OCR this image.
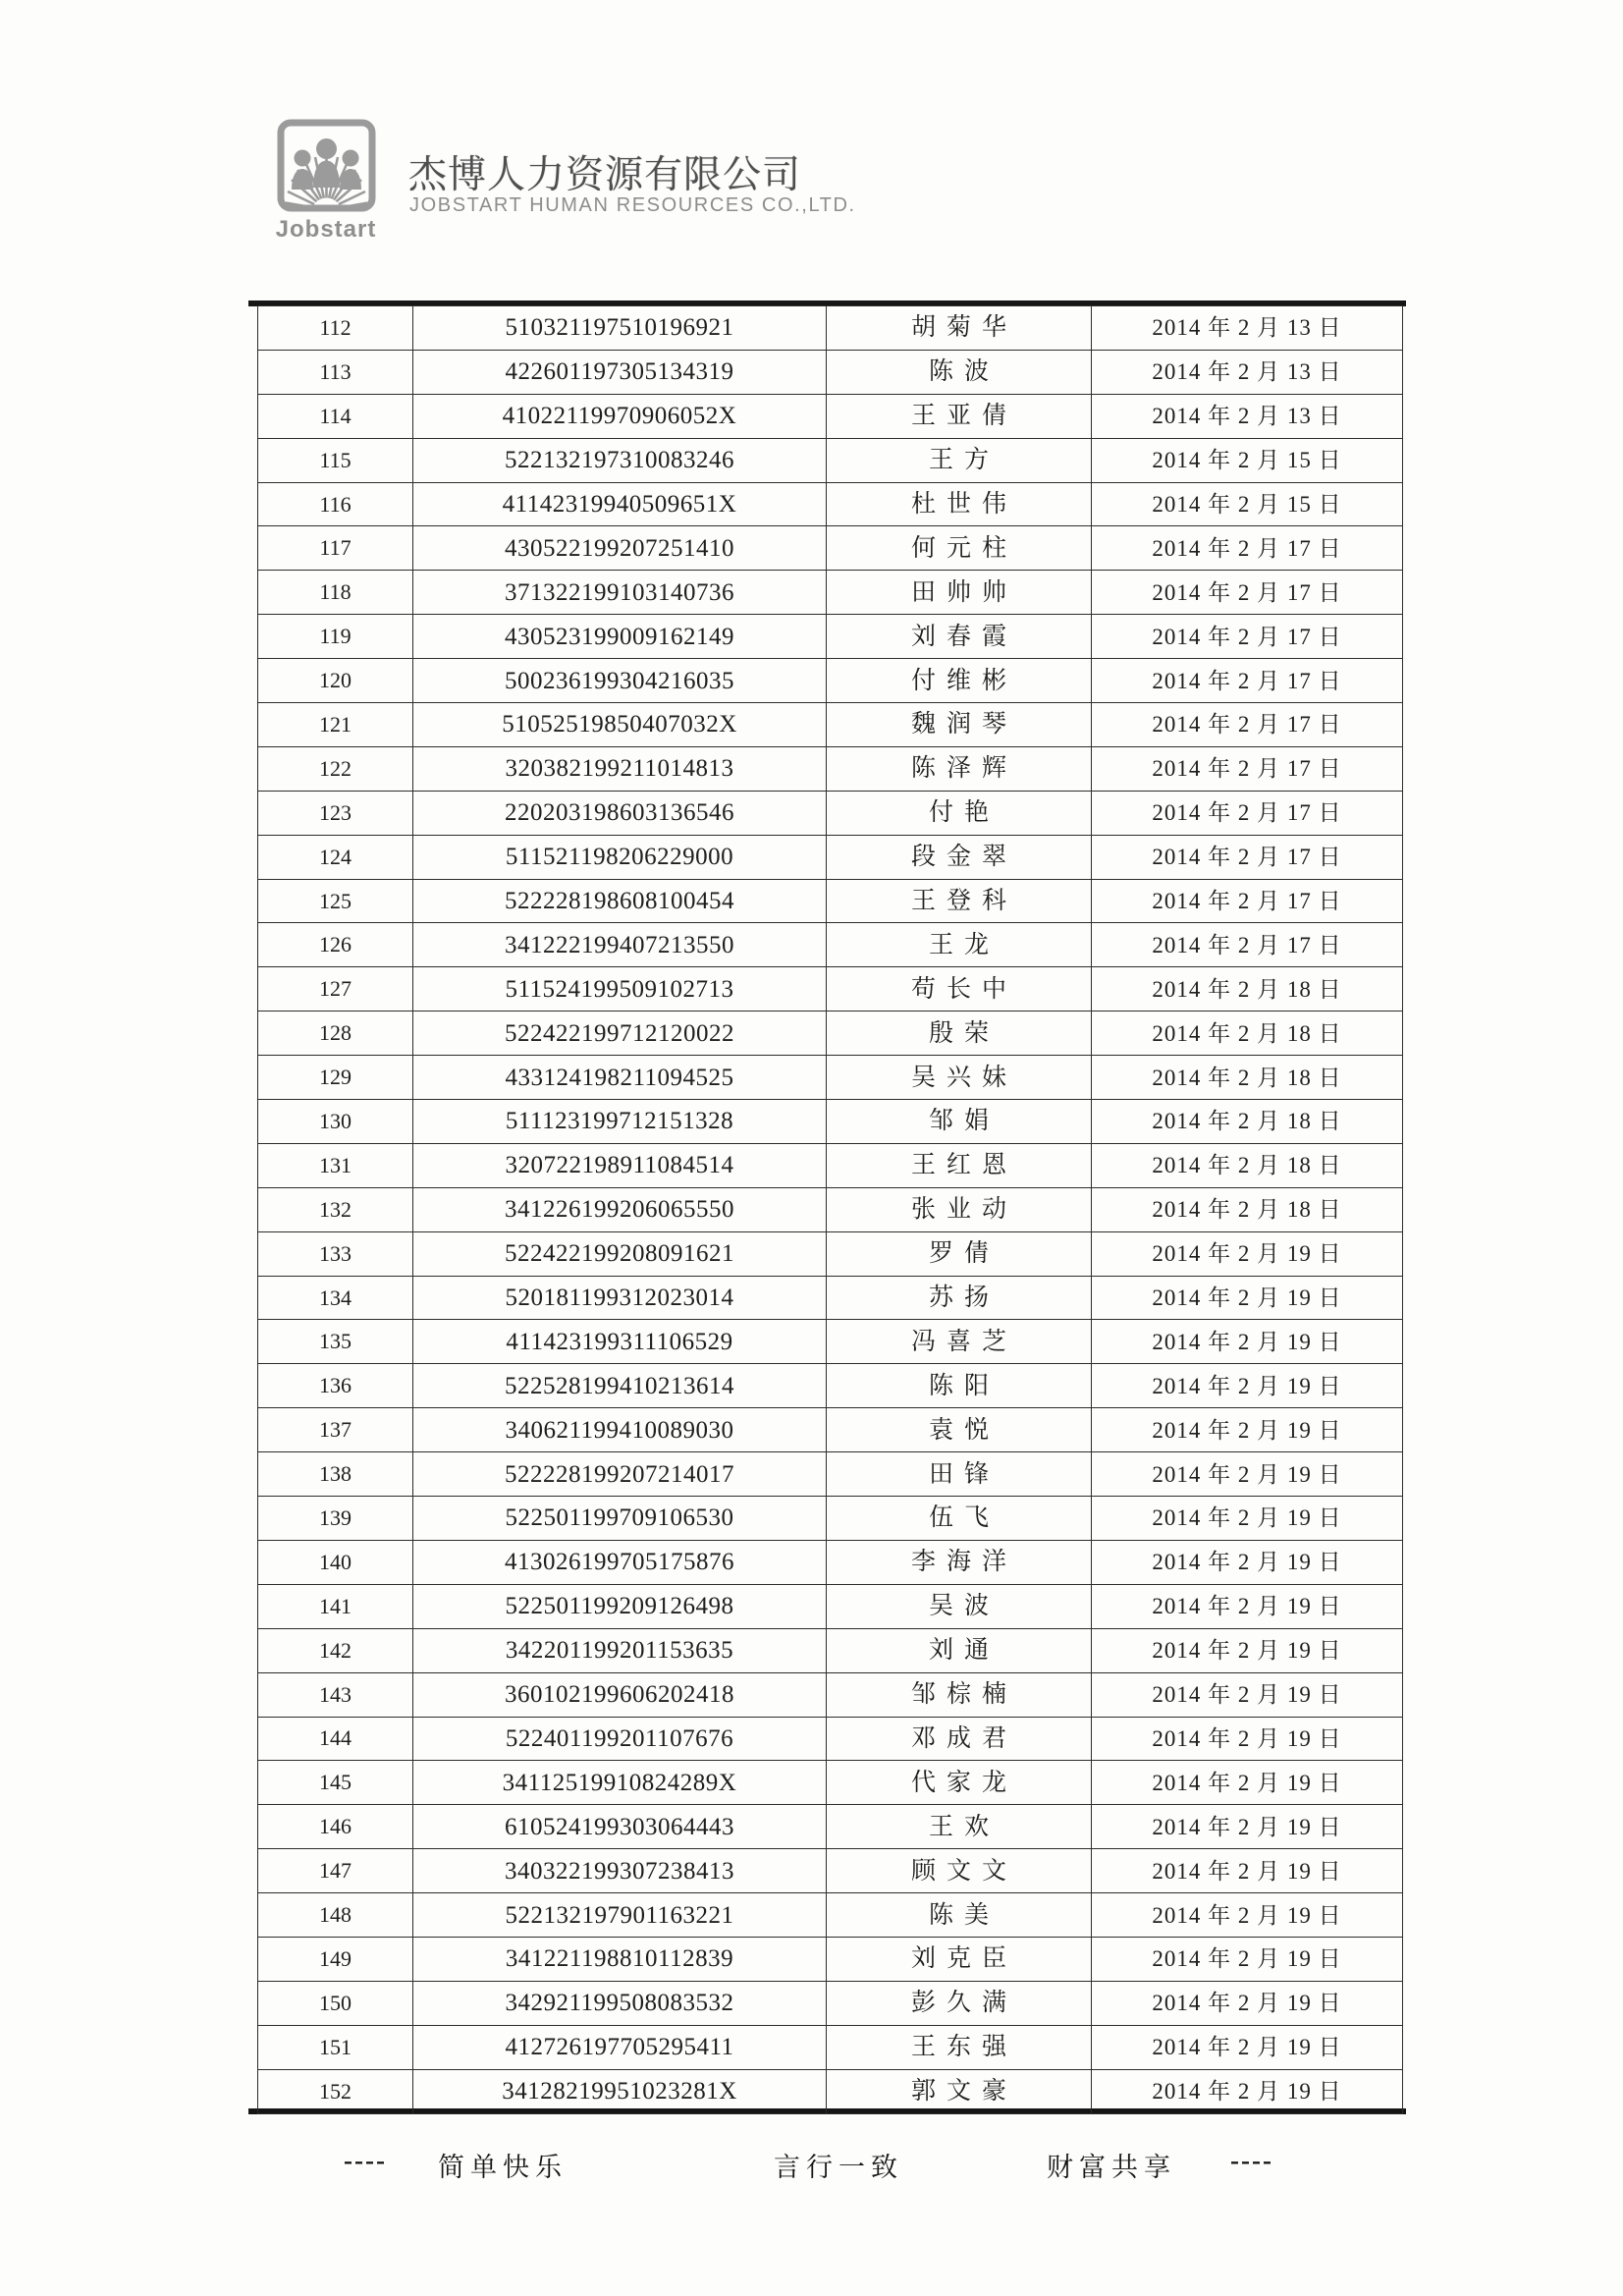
Jobstart
杰博人力资源有限公司
JOBSTART HUMAN RESOURCES CO.,LTD.
112	510321197510196921	胡菊华	2014 年 2 月 13 日
113	422601197305134319	陈波	2014 年 2 月 13 日
114	41022119970906052X	王亚倩	2014 年 2 月 13 日
115	522132197310083246	王方	2014 年 2 月 15 日
116	41142319940509651X	杜世伟	2014 年 2 月 15 日
117	430522199207251410	何元柱	2014 年 2 月 17 日
118	371322199103140736	田帅帅	2014 年 2 月 17 日
119	430523199009162149	刘春霞	2014 年 2 月 17 日
120	500236199304216035	付维彬	2014 年 2 月 17 日
121	51052519850407032X	魏润琴	2014 年 2 月 17 日
122	320382199211014813	陈泽辉	2014 年 2 月 17 日
123	220203198603136546	付艳	2014 年 2 月 17 日
124	511521198206229000	段金翠	2014 年 2 月 17 日
125	522228198608100454	王登科	2014 年 2 月 17 日
126	341222199407213550	王龙	2014 年 2 月 17 日
127	511524199509102713	苟长中	2014 年 2 月 18 日
128	522422199712120022	殷荣	2014 年 2 月 18 日
129	433124198211094525	吴兴妹	2014 年 2 月 18 日
130	511123199712151328	邹娟	2014 年 2 月 18 日
131	320722198911084514	王红恩	2014 年 2 月 18 日
132	341226199206065550	张业动	2014 年 2 月 18 日
133	522422199208091621	罗倩	2014 年 2 月 19 日
134	520181199312023014	苏扬	2014 年 2 月 19 日
135	411423199311106529	冯喜芝	2014 年 2 月 19 日
136	522528199410213614	陈阳	2014 年 2 月 19 日
137	340621199410089030	袁悦	2014 年 2 月 19 日
138	522228199207214017	田锋	2014 年 2 月 19 日
139	522501199709106530	伍飞	2014 年 2 月 19 日
140	413026199705175876	李海洋	2014 年 2 月 19 日
141	522501199209126498	吴波	2014 年 2 月 19 日
142	342201199201153635	刘通	2014 年 2 月 19 日
143	360102199606202418	邹棕楠	2014 年 2 月 19 日
144	522401199201107676	邓成君	2014 年 2 月 19 日
145	34112519910824289X	代家龙	2014 年 2 月 19 日
146	610524199303064443	王欢	2014 年 2 月 19 日
147	340322199307238413	顾文文	2014 年 2 月 19 日
148	522132197901163221	陈美	2014 年 2 月 19 日
149	341221198810112839	刘克臣	2014 年 2 月 19 日
150	342921199508083532	彭久满	2014 年 2 月 19 日
151	412726197705295411	王东强	2014 年 2 月 19 日
152	34128219951023281X	郭文豪	2014 年 2 月 19 日
---- 简单快乐	言行一致	财富共享 ----
